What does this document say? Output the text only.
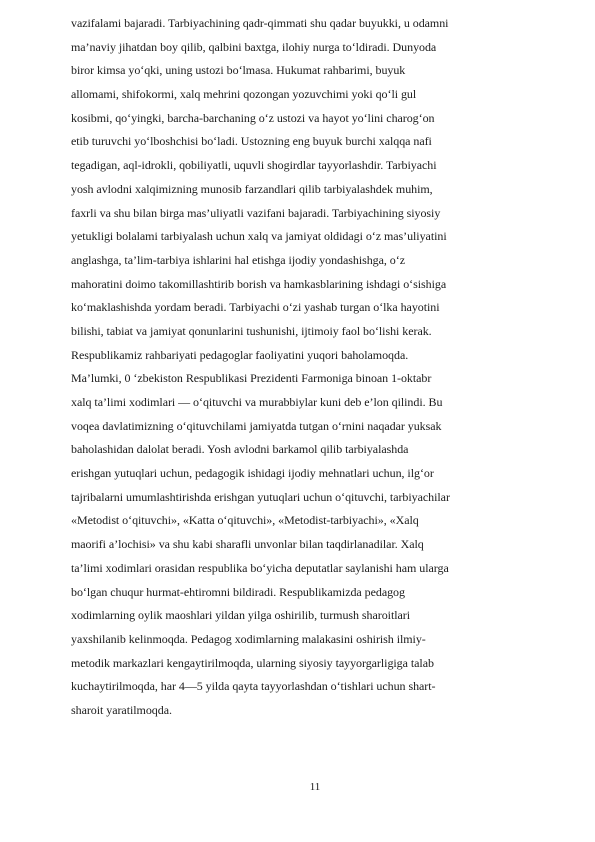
vazifalami bajaradi. Tarbiyachining qadr-qimmati shu qadar buyukki, u odamni
ma’naviy jihatdan boy qilib, qalbini baxtga, ilohiy nurga to‘ldiradi. Dunyoda
biror kimsa yo‘qki, uning ustozi bo‘lmasa. Hukumat rahbarimi, buyuk
allomami, shifokormi, xalq mehrini qozongan yozuvchimi yoki qo‘li gul
kosibmi, qo‘yingki, barcha-barchaning o‘z ustozi va hayot yo‘lini charog‘on
etib turuvchi yo‘lboshchisi bo‘ladi. Ustozning eng buyuk burchi xalqqa nafi
tegadigan, aql-idrokli, qobiliyatli, uquvli shogirdlar tayyorlashdir. Tarbiyachi
yosh avlodni xalqimizning munosib farzandlari qilib tarbiyalashdek muhim,
faxrli va shu bilan birga mas’uliyatli vazifani bajaradi. Tarbiyachining siyosiy
yetukligi bolalami tarbiyalash uchun xalq va jamiyat oldidagi o‘z mas’uliyatini
anglashga, ta’lim-tarbiya ishlarini hal etishga ijodiy yondashishga, o‘z
mahoratini doimo takomillashtirib borish va hamkasblarining ishdagi o‘sishiga
ko‘maklashishda yordam beradi. Tarbiyachi o‘zi yashab turgan o‘lka hayotini
bilishi, tabiat va jamiyat qonunlarini tushunishi, ijtimoiy faol bo‘lishi kerak.
Respublikamiz rahbariyati pedagoglar faoliyatini yuqori baholamoqda.
Ma’lumki, 0 ‘zbekiston Respublikasi Prezidenti Farmoniga binoan 1-oktabr
xalq ta’limi xodimlari — o‘qituvchi va murabbiylar kuni deb e’lon qilindi. Bu
voqea davlatimizning o‘qituvchilami jamiyatda tutgan o‘rnini naqadar yuksak
baholashidan dalolat beradi. Yosh avlodni barkamol qilib tarbiyalashda
erishgan yutuqlari uchun, pedagogik ishidagi ijodiy mehnatlari uchun, ilg‘or
tajribalarni umumlashtirishda erishgan yutuqlari uchun o‘qituvchi, tarbiyachilar
«Metodist o‘qituvchi», «Katta o‘qituvchi», «Metodist-tarbiyachi», «Xalq
maorifi a’lochisi» va shu kabi sharafli unvonlar bilan taqdirlanadilar. Xalq
ta’limi xodimlari orasidan respublika bo‘yicha deputatlar saylanishi ham ularga
bo‘lgan chuqur hurmat-ehtiromni bildiradi. Respublikamizda pedagog
xodimlarning oylik maoshlari yildan yilga oshirilib, turmush sharoitlari
yaxshilanib kelinmoqda. Pedagog xodimlarning malakasini oshirish ilmiy-
metodik markazlari kengaytirilmoqda, ularning siyosiy tayyorgarligiga talab
kuchaytirilmoqda, har 4—5 yilda qayta tayyorlashdan o‘tishlari uchun shart-
sharoit yaratilmoqda.
11
